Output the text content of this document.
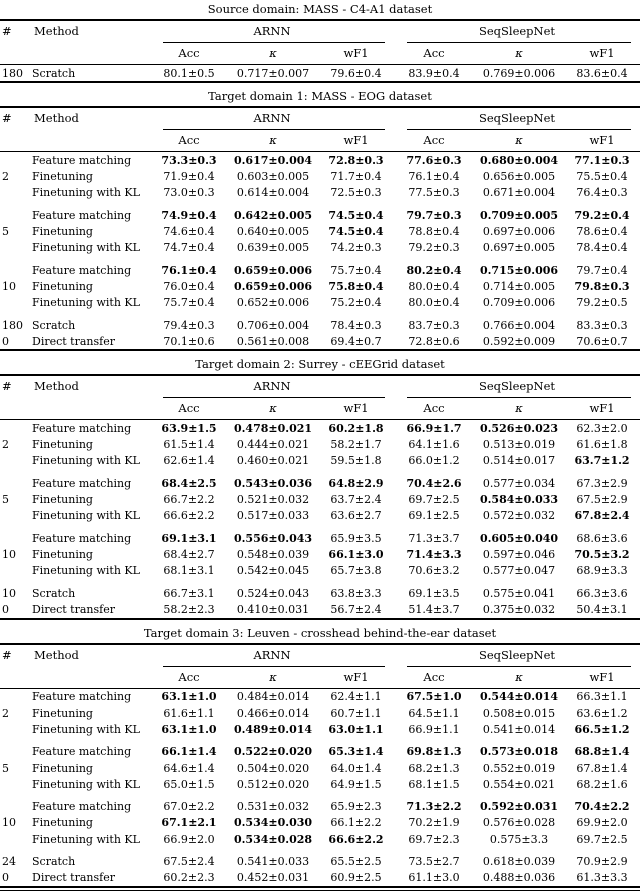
Source domain: MASS - C4-A1 dataset
#	Method	ARNN			SeqSleepNet		

		Acc	κ	wF1	Acc	κ	wF1
180	Scratch	80.1±0.5	0.717±0.007	79.6±0.4	83.9±0.4	0.769±0.006	83.6±0.4
Target domain 1: MASS - EOG dataset
#	Method	ARNN			SeqSleepNet		

		Acc	κ	wF1	Acc	κ	wF1
2	Feature matching	73.3±0.3	0.617±0.004	72.8±0.3	77.6±0.3	0.680±0.004	77.1±0.3
	Finetuning	71.9±0.4	0.603±0.005	71.7±0.4	76.1±0.4	0.656±0.005	75.5±0.4
	Finetuning with KL	73.0±0.3	0.614±0.004	72.5±0.3	77.5±0.3	0.671±0.004	76.4±0.3
5	Feature matching	74.9±0.4	0.642±0.005	74.5±0.4	79.7±0.3	0.709±0.005	79.2±0.4
	Finetuning	74.6±0.4	0.640±0.005	74.5±0.4	78.8±0.4	0.697±0.006	78.6±0.4
	Finetuning with KL	74.7±0.4	0.639±0.005	74.2±0.3	79.2±0.3	0.697±0.005	78.4±0.4
10	Feature matching	76.1±0.4	0.659±0.006	75.7±0.4	80.2±0.4	0.715±0.006	79.7±0.4
	Finetuning	76.0±0.4	0.659±0.006	75.8±0.4	80.0±0.4	0.714±0.005	79.8±0.3
	Finetuning with KL	75.7±0.4	0.652±0.006	75.2±0.4	80.0±0.4	0.709±0.006	79.2±0.5
180	Scratch	79.4±0.3	0.706±0.004	78.4±0.3	83.7±0.3	0.766±0.004	83.3±0.3
0	Direct transfer	70.1±0.6	0.561±0.008	69.4±0.7	72.8±0.6	0.592±0.009	70.6±0.7
Target domain 2: Surrey - cEEGrid dataset
#	Method	ARNN			SeqSleepNet		

		Acc	κ	wF1	Acc	κ	wF1
2	Feature matching	63.9±1.5	0.478±0.021	60.2±1.8	66.9±1.7	0.526±0.023	62.3±2.0
	Finetuning	61.5±1.4	0.444±0.021	58.2±1.7	64.1±1.6	0.513±0.019	61.6±1.8
	Finetuning with KL	62.6±1.4	0.460±0.021	59.5±1.8	66.0±1.2	0.514±0.017	63.7±1.2
5	Feature matching	68.4±2.5	0.543±0.036	64.8±2.9	70.4±2.6	0.577±0.034	67.3±2.9
	Finetuning	66.7±2.2	0.521±0.032	63.7±2.4	69.7±2.5	0.584±0.033	67.5±2.9
	Finetuning with KL	66.6±2.2	0.517±0.033	63.6±2.7	69.1±2.5	0.572±0.032	67.8±2.4
10	Feature matching	69.1±3.1	0.556±0.043	65.9±3.5	71.3±3.7	0.605±0.040	68.6±3.6
	Finetuning	68.4±2.7	0.548±0.039	66.1±3.0	71.4±3.3	0.597±0.046	70.5±3.2
	Finetuning with KL	68.1±3.1	0.542±0.045	65.7±3.8	70.6±3.2	0.577±0.047	68.9±3.3
10	Scratch	66.7±3.1	0.524±0.043	63.8±3.3	69.1±3.5	0.575±0.041	66.3±3.6
0	Direct transfer	58.2±2.3	0.410±0.031	56.7±2.4	51.4±3.7	0.375±0.032	50.4±3.1
Target domain 3: Leuven - crosshead behind-the-ear dataset
#	Method	ARNN			SeqSleepNet		

		Acc	κ	wF1	Acc	κ	wF1
2	Feature matching	63.1±1.0	0.484±0.014	62.4±1.1	67.5±1.0	0.544±0.014	66.3±1.1
	Finetuning	61.6±1.1	0.466±0.014	60.7±1.1	64.5±1.1	0.508±0.015	63.6±1.2
	Finetuning with KL	63.1±1.0	0.489±0.014	63.0±1.1	66.9±1.1	0.541±0.014	66.5±1.2
5	Feature matching	66.1±1.4	0.522±0.020	65.3±1.4	69.8±1.3	0.573±0.018	68.8±1.4
	Finetuning	64.6±1.4	0.504±0.020	64.0±1.4	68.2±1.3	0.552±0.019	67.8±1.4
	Finetuning with KL	65.0±1.5	0.512±0.020	64.9±1.5	68.1±1.5	0.554±0.021	68.2±1.6
10	Feature matching	67.0±2.2	0.531±0.032	65.9±2.3	71.3±2.2	0.592±0.031	70.4±2.2
	Finetuning	67.1±2.1	0.534±0.030	66.1±2.2	70.2±1.9	0.576±0.028	69.9±2.0
	Finetuning with KL	66.9±2.0	0.534±0.028	66.6±2.2	69.7±2.3	0.575±3.3	69.7±2.5
24	Scratch	67.5±2.4	0.541±0.033	65.5±2.5	73.5±2.7	0.618±0.039	70.9±2.9
0	Direct transfer	60.2±2.3	0.452±0.031	60.9±2.5	61.1±3.0	0.488±0.036	61.3±3.3
